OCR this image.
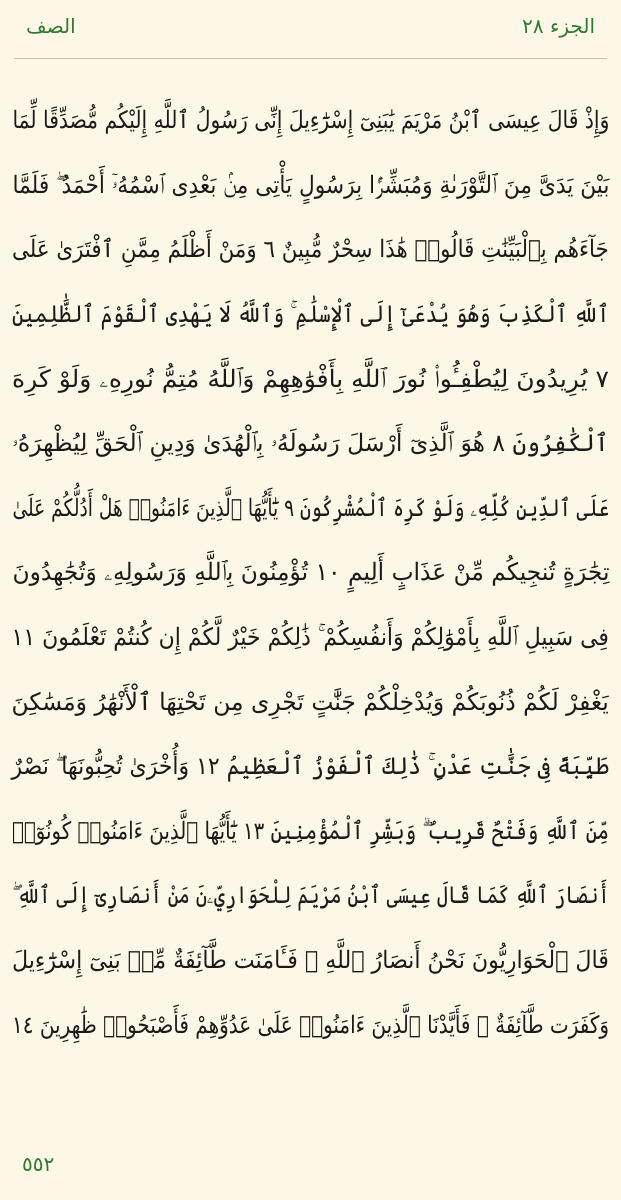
الصف	الجزء ٢٨
وَإِذْ قَالَ عِيسَى ٱبْنُ مَرْيَمَ يَٰبَنِىٓ إِسْرَٰٓءِيلَ إِنِّى رَسُولُ ٱللَّهِ إِلَيْكُم مُّصَدِّقًا لِّمَا
بَيْنَ يَدَىَّ مِنَ ٱلتَّوْرَىٰةِ وَمُبَشِّرًۢا بِرَسُولٍ يَأْتِى مِنۢ بَعْدِى ٱسْمُهُۥٓ أَحْمَدُ ۖ فَلَمَّا
جَآءَهُم بِٱلْبَيِّنَٰتِ قَالُوا۟ هَٰذَا سِحْرٌ مُّبِينٌ ٦ وَمَنْ أَظْلَمُ مِمَّنِ ٱفْتَرَىٰ عَلَى
ٱللَّهِ ٱلْكَذِبَ وَهُوَ يُدْعَىٰٓ إِلَى ٱلْإِسْلَٰمِ ۚ وَٱللَّهُ لَا يَهْدِى ٱلْقَوْمَ ٱلظَّٰلِمِينَ
٧ يُرِيدُونَ لِيُطْفِـُٔوا۟ نُورَ ٱللَّهِ بِأَفْوَٰهِهِمْ وَٱللَّهُ مُتِمُّ نُورِهِۦ وَلَوْ كَرِهَ
ٱلْكَٰفِرُونَ ٨ هُوَ ٱلَّذِىٓ أَرْسَلَ رَسُولَهُۥ بِٱلْهُدَىٰ وَدِينِ ٱلْحَقِّ لِيُظْهِرَهُۥ
عَلَى ٱلدِّينِ كُلِّهِۦ وَلَوْ كَرِهَ ٱلْمُشْرِكُونَ ٩ يَٰٓأَيُّهَا ٱلَّذِينَ ءَامَنُوا۟ هَلْ أَدُلُّكُمْ عَلَىٰ
تِجَٰرَةٍ تُنجِيكُم مِّنْ عَذَابٍ أَلِيمٍ ١٠ تُؤْمِنُونَ بِٱللَّهِ وَرَسُولِهِۦ وَتُجَٰهِدُونَ
فِى سَبِيلِ ٱللَّهِ بِأَمْوَٰلِكُمْ وَأَنفُسِكُمْ ۚ ذَٰلِكُمْ خَيْرٌ لَّكُمْ إِن كُنتُمْ تَعْلَمُونَ ١١
يَغْفِرْ لَكُمْ ذُنُوبَكُمْ وَيُدْخِلْكُمْ جَنَّٰتٍ تَجْرِى مِن تَحْتِهَا ٱلْأَنْهَٰرُ وَمَسَٰكِنَ
طَيِّبَةً فِى جَنَّٰتِ عَدْنٍ ۚ ذَٰلِكَ ٱلْفَوْزُ ٱلْعَظِيمُ ١٢ وَأُخْرَىٰ تُحِبُّونَهَا ۖ نَصْرٌ
مِّنَ ٱللَّهِ وَفَتْحٌ قَرِيبٌ ۗ وَبَشِّرِ ٱلْمُؤْمِنِينَ ١٣ يَٰٓأَيُّهَا ٱلَّذِينَ ءَامَنُوا۟ كُونُوٓا۟
أَنصَارَ ٱللَّهِ كَمَا قَالَ عِيسَى ٱبْنُ مَرْيَمَ لِلْحَوَارِيِّۦنَ مَنْ أَنصَارِىٓ إِلَى ٱللَّهِ ۖ
قَالَ ٱلْحَوَارِيُّونَ نَحْنُ أَنصَارُ ٱللَّهِ ۖ فَـَٔامَنَت طَّآئِفَةٌ مِّنۢ بَنِىٓ إِسْرَٰٓءِيلَ
وَكَفَرَت طَّآئِفَةٌ ۖ فَأَيَّدْنَا ٱلَّذِينَ ءَامَنُوا۟ عَلَىٰ عَدُوِّهِمْ فَأَصْبَحُوا۟ ظَٰهِرِينَ ١٤
٥٥٢
